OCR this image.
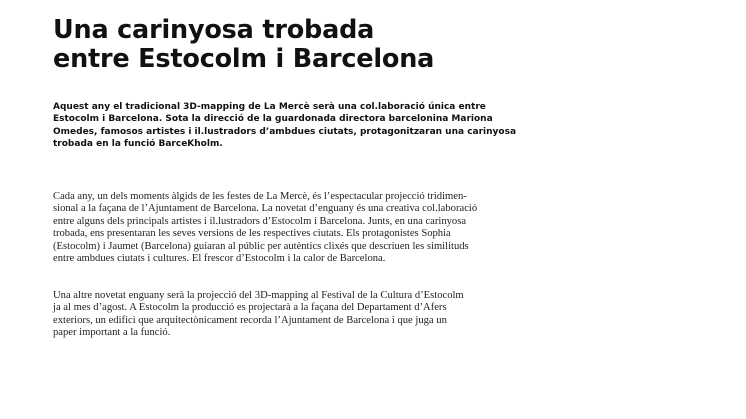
Una carinyosa trobada
entre Estocolm i Barcelona

Aquest any el tradicional 3D-mapping de La Mercè serà una col.laboració única entre
Estocolm i Barcelona. Sota la direcció de la guardonada directora barcelonina Mariona
Omedes, famosos artistes i il.lustradors d’ambdues ciutats, protagonitzaran una carinyosa
trobada en la funció BarceKholm.

Cada any, un dels moments àlgids de les festes de La Mercè, és l’espectacular projecció tridimen-
sional a la façana de l’Ajuntament de Barcelona. La novetat d’enguany és una creativa col.laboració
entre alguns dels principals artistes i il.lustradors d’Estocolm i Barcelona. Junts, en una carinyosa
trobada, ens presentaran les seves versions de les respectives ciutats. Els protagonistes Sophia
(Estocolm) i Jaumet (Barcelona) guiaran al públic per autèntics clixés que descriuen les similituds
entre ambdues ciutats i cultures. El frescor d’Estocolm i la calor de Barcelona.

Una altre novetat enguany serà la projecció del 3D-mapping al Festival de la Cultura d’Estocolm
ja al mes d’agost. A Estocolm la producció es projectarà a la façana del Departament d’Afers
exteriors, un edifici que arquitectònicament recorda l’Ajuntament de Barcelona i que juga un
paper important a la funció.
